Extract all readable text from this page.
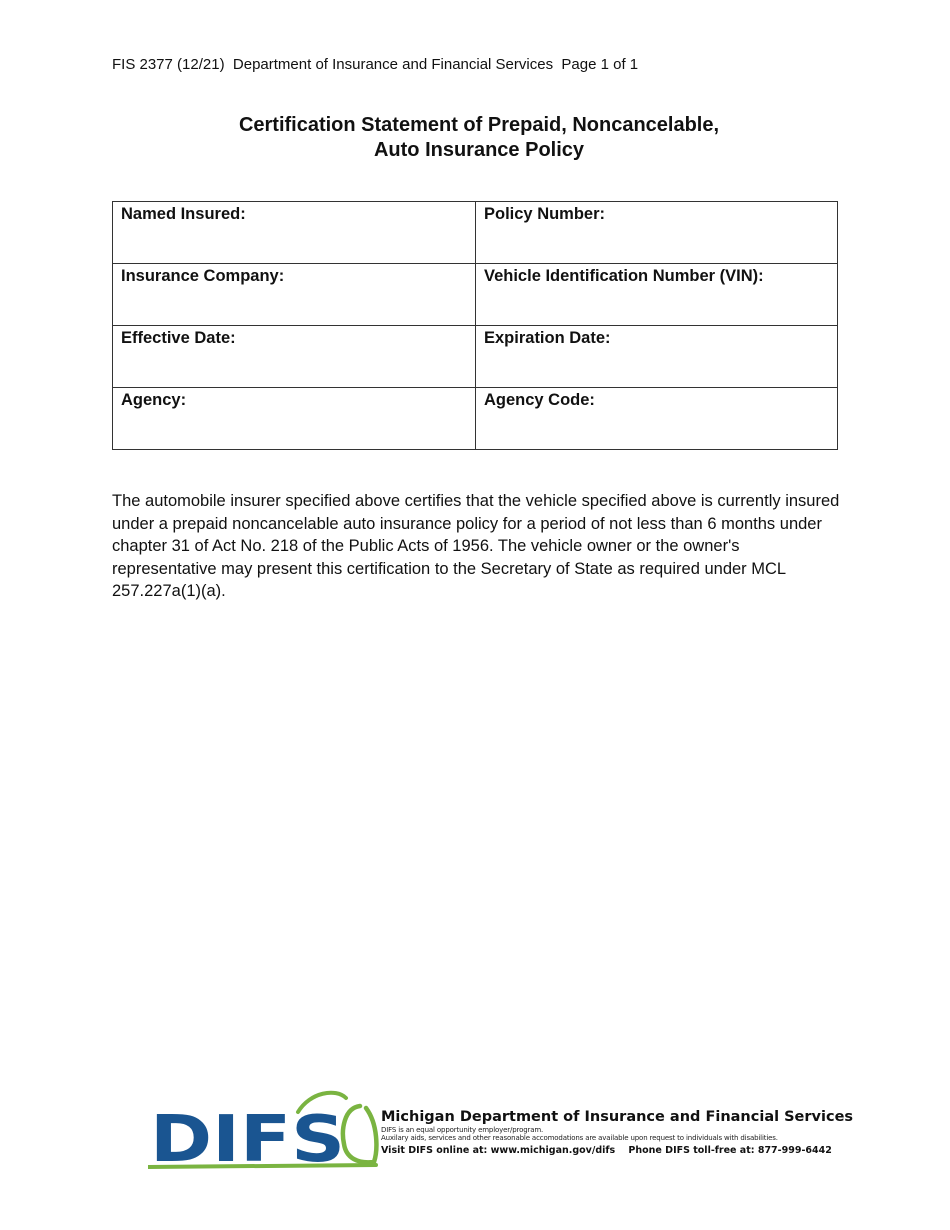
FIS 2377 (12/21)  Department of Insurance and Financial Services  Page 1 of 1
Certification Statement of Prepaid, Noncancelable,
Auto Insurance Policy
Named Insured:	Policy Number:

Insurance Company:	Vehicle Identification Number (VIN):

Effective Date:	Expiration Date:

Agency:	Agency Code:
The automobile insurer specified above certifies that the vehicle specified above is currently insured under a prepaid noncancelable auto insurance policy for a period of not less than 6 months under chapter 31 of Act No. 218 of the Public Acts of 1956. The vehicle owner or the owner's representative may present this certification to the Secretary of State as required under MCL 257.227a(1)(a).
DIFS Michigan Department of Insurance and Financial Services
DIFS is an equal opportunity employer/program.
Auxilary aids, services and other reasonable accomodations are available upon request to individuals with disabilities.
Visit DIFS online at: www.michigan.gov/difs    Phone DIFS toll-free at: 877-999-6442
